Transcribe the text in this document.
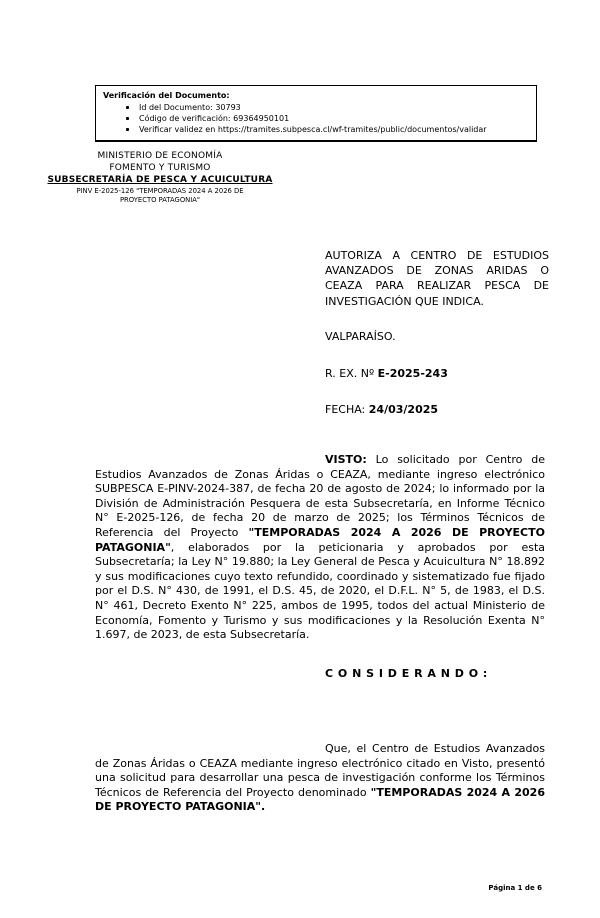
Verificación del Documento:
Id del Documento: 30793
Código de verificación: 69364950101
Verificar validez en https://tramites.subpesca.cl/wf-tramites/public/documentos/validar
MINISTERIO DE ECONOMÍA
FOMENTO Y TURISMO
SUBSECRETARÍA DE PESCA Y ACUICULTURA
PINV E-2025-126 "TEMPORADAS 2024 A 2026 DE
PROYECTO PATAGONIA"
AUTORIZA A CENTRO DE ESTUDIOS AVANZADOS DE ZONAS ARIDAS O CEAZA PARA REALIZAR PESCA DE INVESTIGACIÓN QUE INDICA.
VALPARAÍSO.
R. EX. Nº E-2025-243
FECHA: 24/03/2025
VISTO: Lo solicitado por Centro de Estudios Avanzados de Zonas Áridas o CEAZA, mediante ingreso electrónico SUBPESCA E-PINV-2024-387, de fecha 20 de agosto de 2024; lo informado por la División de Administración Pesquera de esta Subsecretaría, en Informe Técnico N° E-2025-126, de fecha 20 de marzo de 2025; los Términos Técnicos de Referencia del Proyecto "TEMPORADAS 2024 A 2026 DE PROYECTO PATAGONIA", elaborados por la peticionaria y aprobados por esta Subsecretaría; la Ley N° 19.880; la Ley General de Pesca y Acuicultura N° 18.892 y sus modificaciones cuyo texto refundido, coordinado y sistematizado fue fijado por el D.S. N° 430, de 1991, el D.S. 45, de 2020, el D.F.L. N° 5, de 1983, el D.S. N° 461, Decreto Exento N° 225, ambos de 1995, todos del actual Ministerio de Economía, Fomento y Turismo y sus modificaciones y la Resolución Exenta N° 1.697, de 2023, de esta Subsecretaría.
C O N S I D E R A N D O :
Que, el Centro de Estudios Avanzados de Zonas Áridas o CEAZA mediante ingreso electrónico citado en Visto, presentó una solicitud para desarrollar una pesca de investigación conforme los Términos Técnicos de Referencia del Proyecto denominado "TEMPORADAS 2024 A 2026 DE PROYECTO PATAGONIA".
Página 1 de 6
